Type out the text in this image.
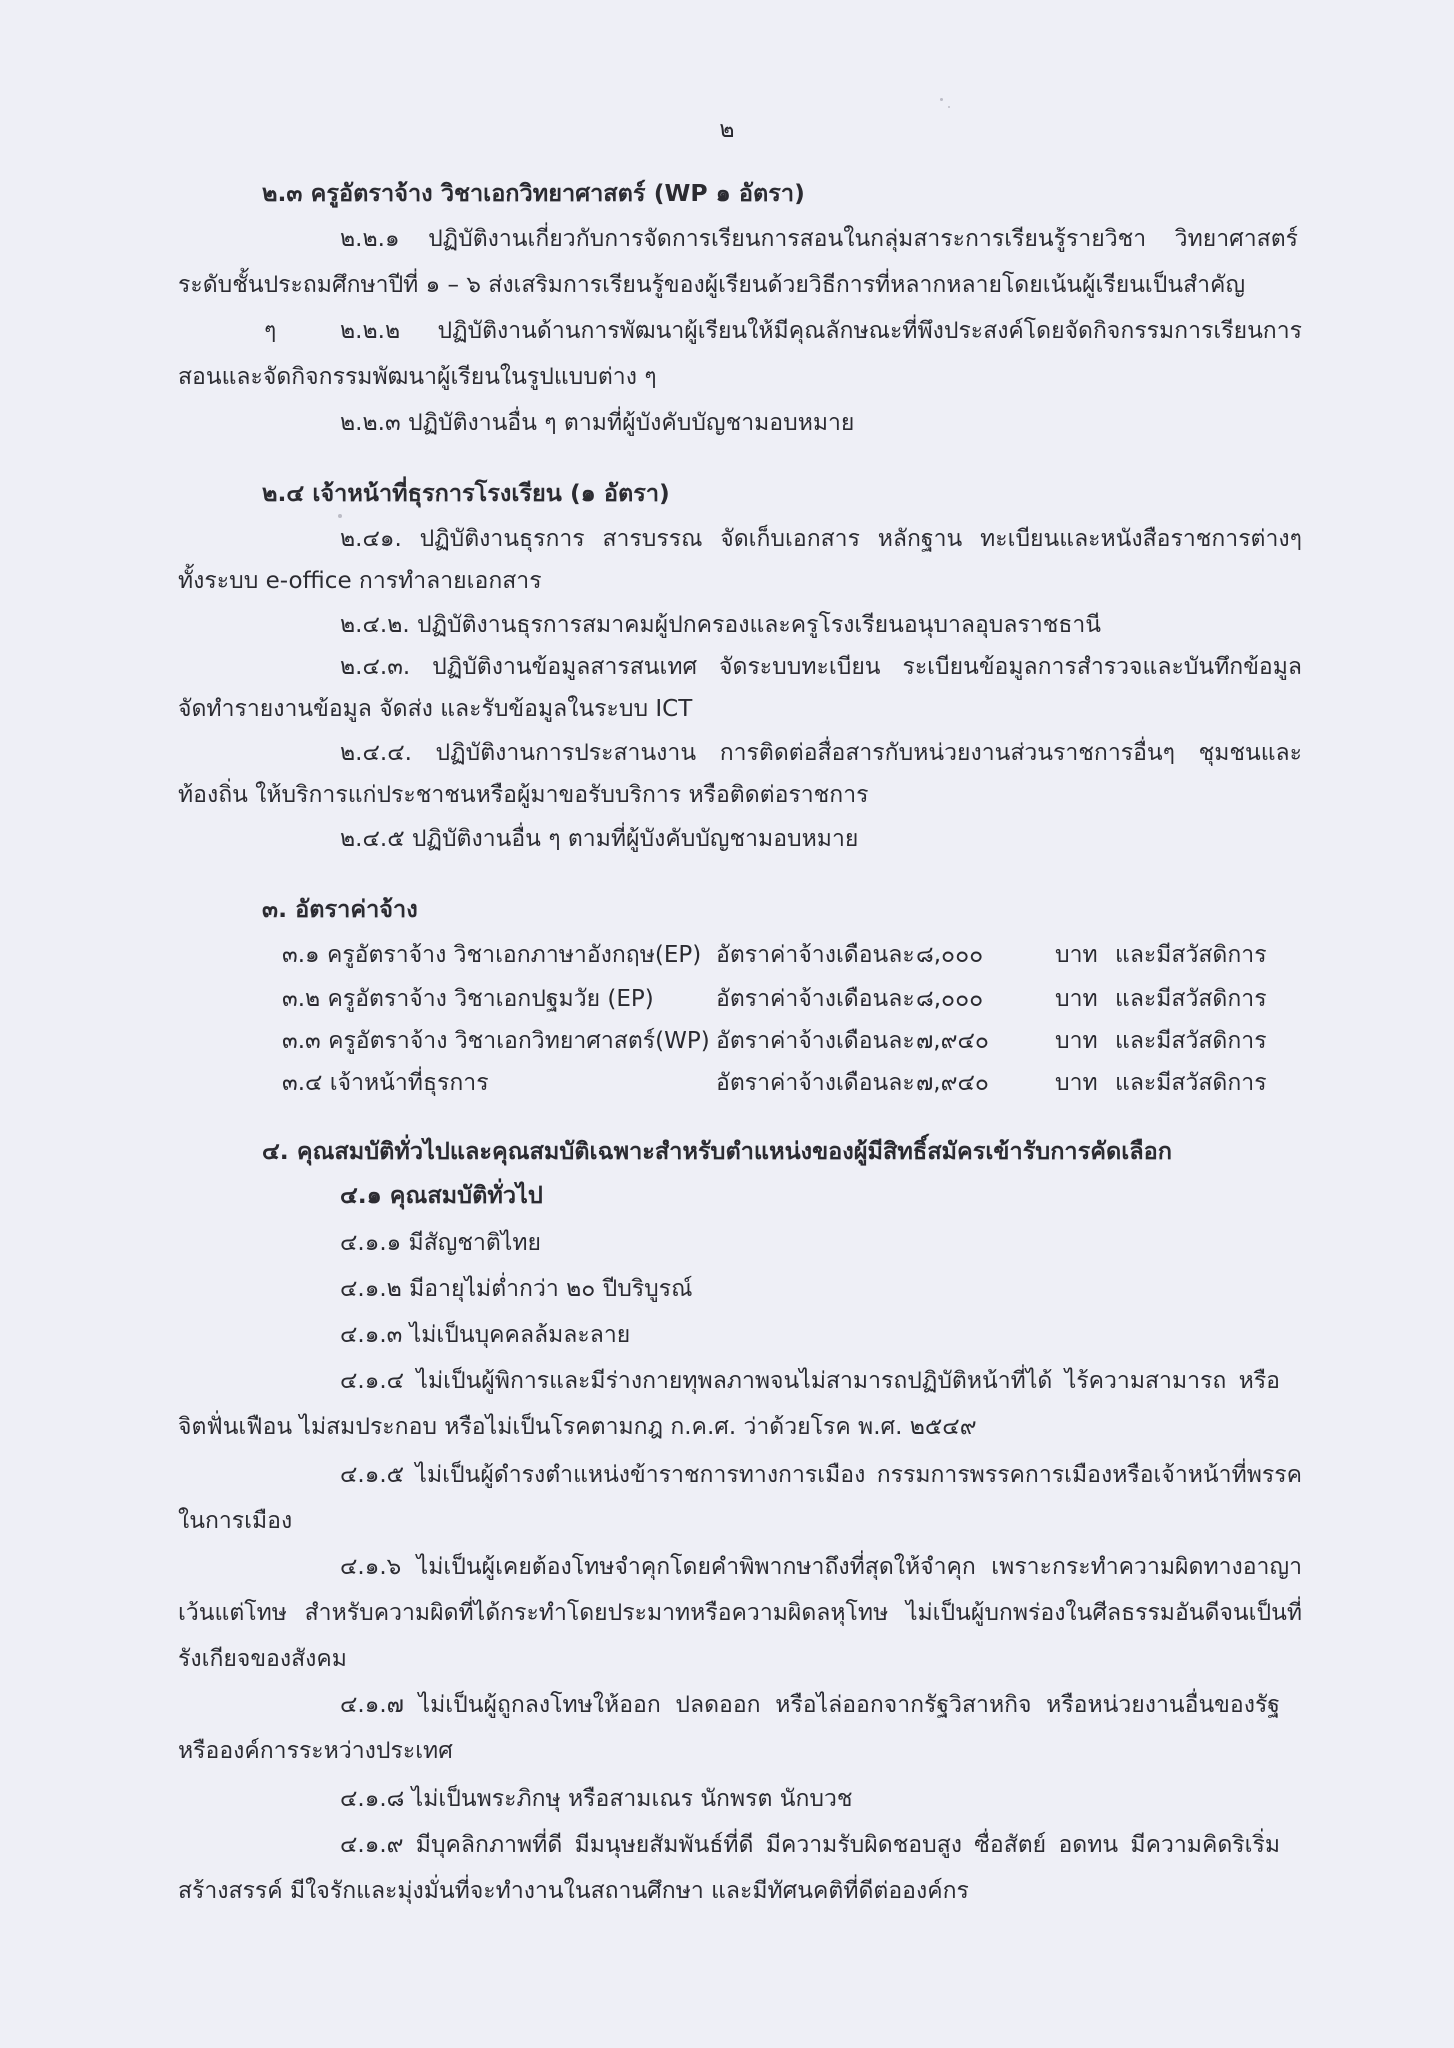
๒
๒.๓ ครูอัตราจ้าง วิชาเอกวิทยาศาสตร์ (WP ๑ อัตรา)
๒.๒.๑ ปฏิบัติงานเกี่ยวกับการจัดการเรียนการสอนในกลุ่มสาระการเรียนรู้รายวิชา วิทยาศาสตร์
ระดับชั้นประถมศึกษาปีที่ ๑ – ๖ ส่งเสริมการเรียนรู้ของผู้เรียนด้วยวิธีการที่หลากหลายโดยเน้นผู้เรียนเป็นสำคัญ
ๆ	๒.๒.๒ ปฏิบัติงานด้านการพัฒนาผู้เรียนให้มีคุณลักษณะที่พึงประสงค์โดยจัดกิจกรรมการเรียนการ
สอนและจัดกิจกรรมพัฒนาผู้เรียนในรูปแบบต่าง ๆ
๒.๒.๓ ปฏิบัติงานอื่น ๆ ตามที่ผู้บังคับบัญชามอบหมาย
๒.๔ เจ้าหน้าที่ธุรการโรงเรียน (๑ อัตรา)
๒.๔๑. ปฏิบัติงานธุรการ สารบรรณ จัดเก็บเอกสาร หลักฐาน ทะเบียนและหนังสือราชการต่างๆ
ทั้งระบบ e-office การทำลายเอกสาร
๒.๔.๒. ปฏิบัติงานธุรการสมาคมผู้ปกครองและครูโรงเรียนอนุบาลอุบลราชธานี
๒.๔.๓. ปฏิบัติงานข้อมูลสารสนเทศ จัดระบบทะเบียน ระเบียนข้อมูลการสำรวจและบันทึกข้อมูล
จัดทำรายงานข้อมูล จัดส่ง และรับข้อมูลในระบบ ICT
๒.๔.๔. ปฏิบัติงานการประสานงาน การติดต่อสื่อสารกับหน่วยงานส่วนราชการอื่นๆ ชุมชนและ
ท้องถิ่น ให้บริการแก่ประชาชนหรือผู้มาขอรับบริการ หรือติดต่อราชการ
๒.๔.๕ ปฏิบัติงานอื่น ๆ ตามที่ผู้บังคับบัญชามอบหมาย
๓. อัตราค่าจ้าง
๓.๑ ครูอัตราจ้าง วิชาเอกภาษาอังกฤษ(EP) อัตราค่าจ้างเดือนละ ๘,๐๐๐	บาท และมีสวัสดิการ
๓.๒ ครูอัตราจ้าง วิชาเอกปฐมวัย (EP)	อัตราค่าจ้างเดือนละ ๘,๐๐๐	บาท และมีสวัสดิการ
๓.๓ ครูอัตราจ้าง วิชาเอกวิทยาศาสตร์(WP) อัตราค่าจ้างเดือนละ ๗,๙๔๐	บาท และมีสวัสดิการ
๓.๔ เจ้าหน้าที่ธุรการ	อัตราค่าจ้างเดือนละ ๗,๙๔๐	บาท และมีสวัสดิการ
๔. คุณสมบัติทั่วไปและคุณสมบัติเฉพาะสำหรับตำแหน่งของผู้มีสิทธิ์สมัครเข้ารับการคัดเลือก
๔.๑ คุณสมบัติทั่วไป
๔.๑.๑ มีสัญชาติไทย
๔.๑.๒ มีอายุไม่ต่ำกว่า ๒๐ ปีบริบูรณ์
๔.๑.๓ ไม่เป็นบุคคลล้มละลาย
๔.๑.๔ ไม่เป็นผู้พิการและมีร่างกายทุพลภาพจนไม่สามารถปฏิบัติหน้าที่ได้ ไร้ความสามารถ หรือ
จิตฟั่นเฟือน ไม่สมประกอบ หรือไม่เป็นโรคตามกฎ ก.ค.ศ. ว่าด้วยโรค พ.ศ. ๒๕๔๙
๔.๑.๕ ไม่เป็นผู้ดำรงตำแหน่งข้าราชการทางการเมือง กรรมการพรรคการเมืองหรือเจ้าหน้าที่พรรค
ในการเมือง
๔.๑.๖ ไม่เป็นผู้เคยต้องโทษจำคุกโดยคำพิพากษาถึงที่สุดให้จำคุก เพราะกระทำความผิดทางอาญา
เว้นแต่โทษ สำหรับความผิดที่ได้กระทำโดยประมาทหรือความผิดลหุโทษ ไม่เป็นผู้บกพร่องในศีลธรรมอันดีจนเป็นที่
รังเกียจของสังคม
๔.๑.๗ ไม่เป็นผู้ถูกลงโทษให้ออก ปลดออก หรือไล่ออกจากรัฐวิสาหกิจ หรือหน่วยงานอื่นของรัฐ
หรือองค์การระหว่างประเทศ
๔.๑.๘ ไม่เป็นพระภิกษุ หรือสามเณร นักพรต นักบวช
๔.๑.๙ มีบุคลิกภาพที่ดี มีมนุษยสัมพันธ์ที่ดี มีความรับผิดชอบสูง ซื่อสัตย์ อดทน มีความคิดริเริ่ม
สร้างสรรค์ มีใจรักและมุ่งมั่นที่จะทำงานในสถานศึกษา และมีทัศนคติที่ดีต่อองค์กร
